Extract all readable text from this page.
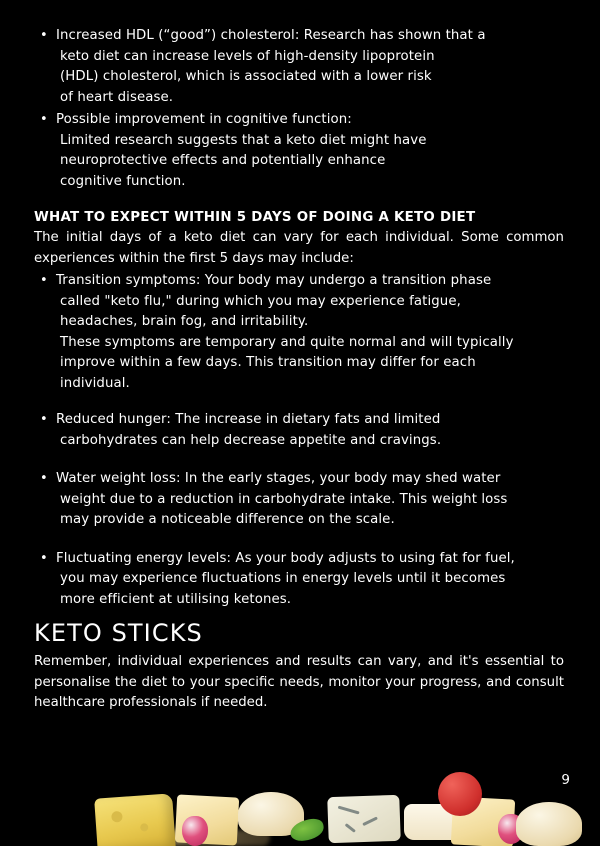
• Increased HDL (“good”) cholesterol: Research has shown that a
keto diet can increase levels of high-density lipoprotein
(HDL) cholesterol, which is associated with a lower risk
of heart disease.
• Possible improvement in cognitive function:
Limited research suggests that a keto diet might have
neuroprotective effects and potentially enhance
cognitive function.
WHAT TO EXPECT WITHIN 5 DAYS OF DOING A KETO DIET
The initial days of a keto diet can vary for each individual. Some common experiences within the first 5 days may include:
• Transition symptoms: Your body may undergo a transition phase
called "keto flu," during which you may experience fatigue,
headaches, brain fog, and irritability.
These symptoms are temporary and quite normal and will typically
improve within a few days. This transition may differ for each
individual.
• Reduced hunger: The increase in dietary fats and limited
carbohydrates can help decrease appetite and cravings.
• Water weight loss: In the early stages, your body may shed water
weight due to a reduction in carbohydrate intake. This weight loss
may provide a noticeable difference on the scale.
• Fluctuating energy levels: As your body adjusts to using fat for fuel,
you may experience fluctuations in energy levels until it becomes
more efficient at utilising ketones.
KETO STICKS
Remember, individual experiences and results can vary, and it's essential to personalise the diet to your specific needs, monitor your progress, and consult healthcare professionals if needed.
9
